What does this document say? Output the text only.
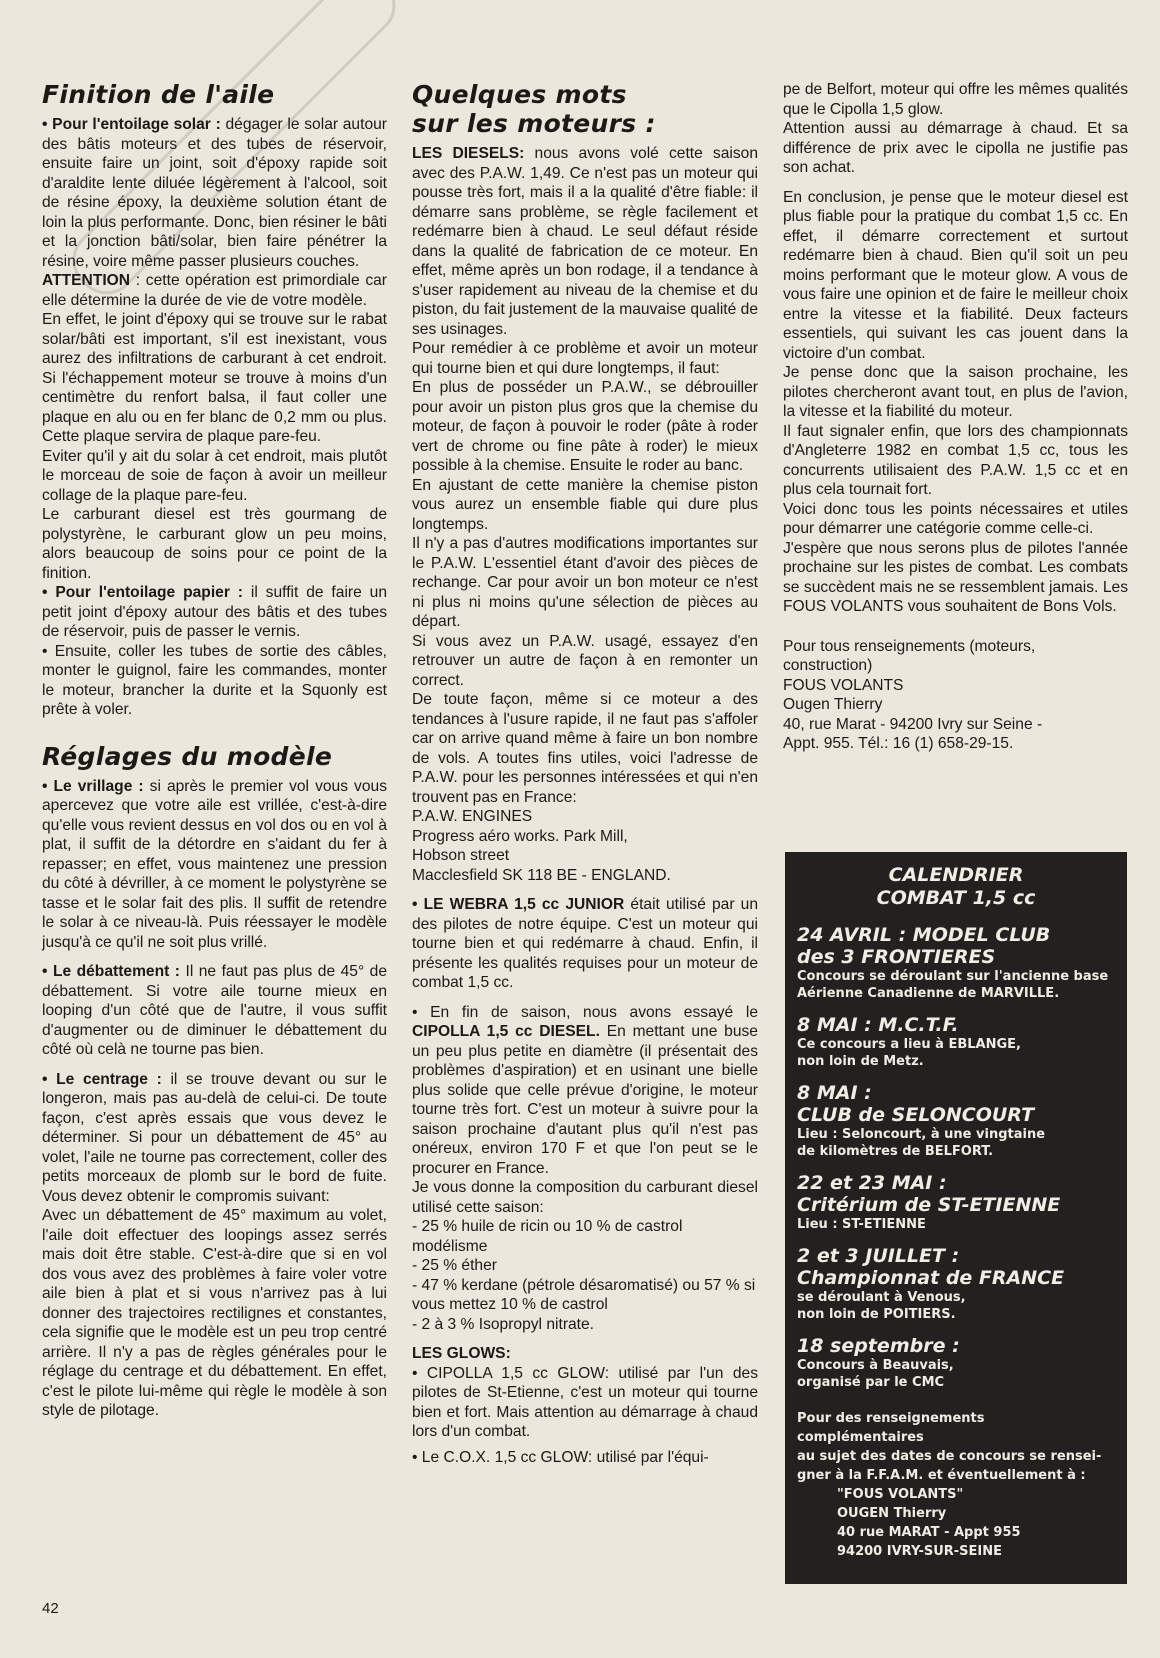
Finition de l'aile

• Pour l'entoilage solar : dégager le solar autour des bâtis moteurs et des tubes de réservoir, ensuite faire un joint, soit d'époxy rapide soit d'araldite lente diluée légèrement à l'alcool, soit de résine époxy, la deuxième solution étant de loin la plus performante. Donc, bien résiner le bâti et la jonction bâti/solar, bien faire pénétrer la résine, voire même passer plusieurs couches.

ATTENTION : cette opération est primordiale car elle détermine la durée de vie de votre modèle.

En effet, le joint d'époxy qui se trouve sur le rabat solar/bâti est important, s'il est inexistant, vous aurez des infiltrations de carburant à cet endroit. Si l'échappement moteur se trouve à moins d'un centimètre du renfort balsa, il faut coller une plaque en alu ou en fer blanc de 0,2 mm ou plus. Cette plaque servira de plaque pare-feu.

Eviter qu'il y ait du solar à cet endroit, mais plutôt le morceau de soie de façon à avoir un meilleur collage de la plaque pare-feu.

Le carburant diesel est très gourmang de polystyrène, le carburant glow un peu moins, alors beaucoup de soins pour ce point de la finition.

• Pour l'entoilage papier : il suffit de faire un petit joint d'époxy autour des bâtis et des tubes de réservoir, puis de passer le vernis.

• Ensuite, coller les tubes de sortie des câbles, monter le guignol, faire les commandes, monter le moteur, brancher la durite et la Squonly est prête à voler.

Réglages du modèle

• Le vrillage : si après le premier vol vous vous apercevez que votre aile est vrillée, c'est-à-dire qu'elle vous revient dessus en vol dos ou en vol à plat, il suffit de la détordre en s'aidant du fer à repasser; en effet, vous maintenez une pression du côté à dévriller, à ce moment le polystyrène se tasse et le solar fait des plis. Il suffit de retendre le solar à ce niveau-là. Puis réessayer le modèle jusqu'à ce qu'il ne soit plus vrillé.

• Le débattement : Il ne faut pas plus de 45° de débattement. Si votre aile tourne mieux en looping d'un côté que de l'autre, il vous suffit d'augmenter ou de diminuer le débattement du côté où celà ne tourne pas bien.

• Le centrage : il se trouve devant ou sur le longeron, mais pas au-delà de celui-ci. De toute façon, c'est après essais que vous devez le déterminer. Si pour un débattement de 45° au volet, l'aile ne tourne pas correctement, coller des petits morceaux de plomb sur le bord de fuite. Vous devez obtenir le compromis suivant:

Avec un débattement de 45° maximum au volet, l'aile doit effectuer des loopings assez serrés mais doit être stable. C'est-à-dire que si en vol dos vous avez des problèmes à faire voler votre aile bien à plat et si vous n'arrivez pas à lui donner des trajectoires rectilignes et constantes, cela signifie que le modèle est un peu trop centré arrière. Il n'y a pas de règles générales pour le réglage du centrage et du débattement. En effet, c'est le pilote lui-même qui règle le modèle à son style de pilotage.

Quelques mots
sur les moteurs :

LES DIESELS: nous avons volé cette saison avec des P.A.W. 1,49. Ce n'est pas un moteur qui pousse très fort, mais il a la qualité d'être fiable: il démarre sans problème, se règle facilement et redémarre bien à chaud. Le seul défaut réside dans la qualité de fabrication de ce moteur. En effet, même après un bon rodage, il a tendance à s'user rapidement au niveau de la chemise et du piston, du fait justement de la mauvaise qualité de ses usinages.

Pour remédier à ce problème et avoir un moteur qui tourne bien et qui dure longtemps, il faut:

En plus de posséder un P.A.W., se débrouiller pour avoir un piston plus gros que la chemise du moteur, de façon à pouvoir le roder (pâte à roder vert de chrome ou fine pâte à roder) le mieux possible à la chemise. Ensuite le roder au banc.

En ajustant de cette manière la chemise piston vous aurez un ensemble fiable qui dure plus longtemps.

Il n'y a pas d'autres modifications importantes sur le P.A.W. L'essentiel étant d'avoir des pièces de rechange. Car pour avoir un bon moteur ce n'est ni plus ni moins qu'une sélection de pièces au départ.

Si vous avez un P.A.W. usagé, essayez d'en retrouver un autre de façon à en remonter un correct.

De toute façon, même si ce moteur a des tendances à l'usure rapide, il ne faut pas s'affoler car on arrive quand même à faire un bon nombre de vols. A toutes fins utiles, voici l'adresse de P.A.W. pour les personnes intéressées et qui n'en trouvent pas en France:

P.A.W. ENGINES
Progress aéro works. Park Mill,
Hobson street
Macclesfield SK 118 BE - ENGLAND.

• LE WEBRA 1,5 cc JUNIOR était utilisé par un des pilotes de notre équipe. C'est un moteur qui tourne bien et qui redémarre à chaud. Enfin, il présente les qualités requises pour un moteur de combat 1,5 cc.

• En fin de saison, nous avons essayé le CIPOLLA 1,5 cc DIESEL. En mettant une buse un peu plus petite en diamètre (il présentait des problèmes d'aspiration) et en usinant une bielle plus solide que celle prévue d'origine, le moteur tourne très fort. C'est un moteur à suivre pour la saison prochaine d'autant plus qu'il n'est pas onéreux, environ 170 F et que l'on peut se le procurer en France.

Je vous donne la composition du carburant diesel utilisé cette saison:

- 25 % huile de ricin ou 10 % de castrol modélisme
- 25 % éther
- 47 % kerdane (pétrole désaromatisé) ou 57 % si vous mettez 10 % de castrol
- 2 à 3 % Isopropyl nitrate.

LES GLOWS:

• CIPOLLA 1,5 cc GLOW: utilisé par l'un des pilotes de St-Etienne, c'est un moteur qui tourne bien et fort. Mais attention au démarrage à chaud lors d'un combat.

• Le C.O.X. 1,5 cc GLOW: utilisé par l'équi-

pe de Belfort, moteur qui offre les mêmes qualités que le Cipolla 1,5 glow.

Attention aussi au démarrage à chaud. Et sa différence de prix avec le cipolla ne justifie pas son achat.

En conclusion, je pense que le moteur diesel est plus fiable pour la pratique du combat 1,5 cc. En effet, il démarre correctement et surtout redémarre bien à chaud. Bien qu'il soit un peu moins performant que le moteur glow. A vous de vous faire une opinion et de faire le meilleur choix entre la vitesse et la fiabilité. Deux facteurs essentiels, qui suivant les cas jouent dans la victoire d'un combat.

Je pense donc que la saison prochaine, les pilotes chercheront avant tout, en plus de l'avion, la vitesse et la fiabilité du moteur.

Il faut signaler enfin, que lors des championnats d'Angleterre 1982 en combat 1,5 cc, tous les concurrents utilisaient des P.A.W. 1,5 cc et en plus cela tournait fort.

Voici donc tous les points nécessaires et utiles pour démarrer une catégorie comme celle-ci.

J'espère que nous serons plus de pilotes l'année prochaine sur les pistes de combat. Les combats se succèdent mais ne se ressemblent jamais. Les FOUS VOLANTS vous souhaitent de Bons Vols.

Pour tous renseignements (moteurs, construction)
FOUS VOLANTS
Ougen Thierry
40, rue Marat - 94200 Ivry sur Seine -
Appt. 955. Tél.: 16 (1) 658-29-15.
CALENDRIER
COMBAT 1,5 cc
24 AVRIL : MODEL CLUB
des 3 FRONTIERES
Concours se déroulant sur l'ancienne base
Aérienne Canadienne de MARVILLE.
8 MAI : M.C.T.F.
Ce concours a lieu à EBLANGE,
non loin de Metz.
8 MAI :
CLUB de SELONCOURT
Lieu : Seloncourt, à une vingtaine
de kilomètres de BELFORT.
22 et 23 MAI :
Critérium de ST-ETIENNE
Lieu : ST-ETIENNE
2 et 3 JUILLET :
Championnat de FRANCE
se déroulant à Venous,
non loin de POITIERS.
18 septembre :
Concours à Beauvais,
organisé par le CMC
Pour des renseignements complémentaires
au sujet des dates de concours se rensei-
gner à la F.F.A.M. et éventuellement à :
"FOUS VOLANTS"
OUGEN Thierry
40 rue MARAT - Appt 955
94200 IVRY-SUR-SEINE
42
